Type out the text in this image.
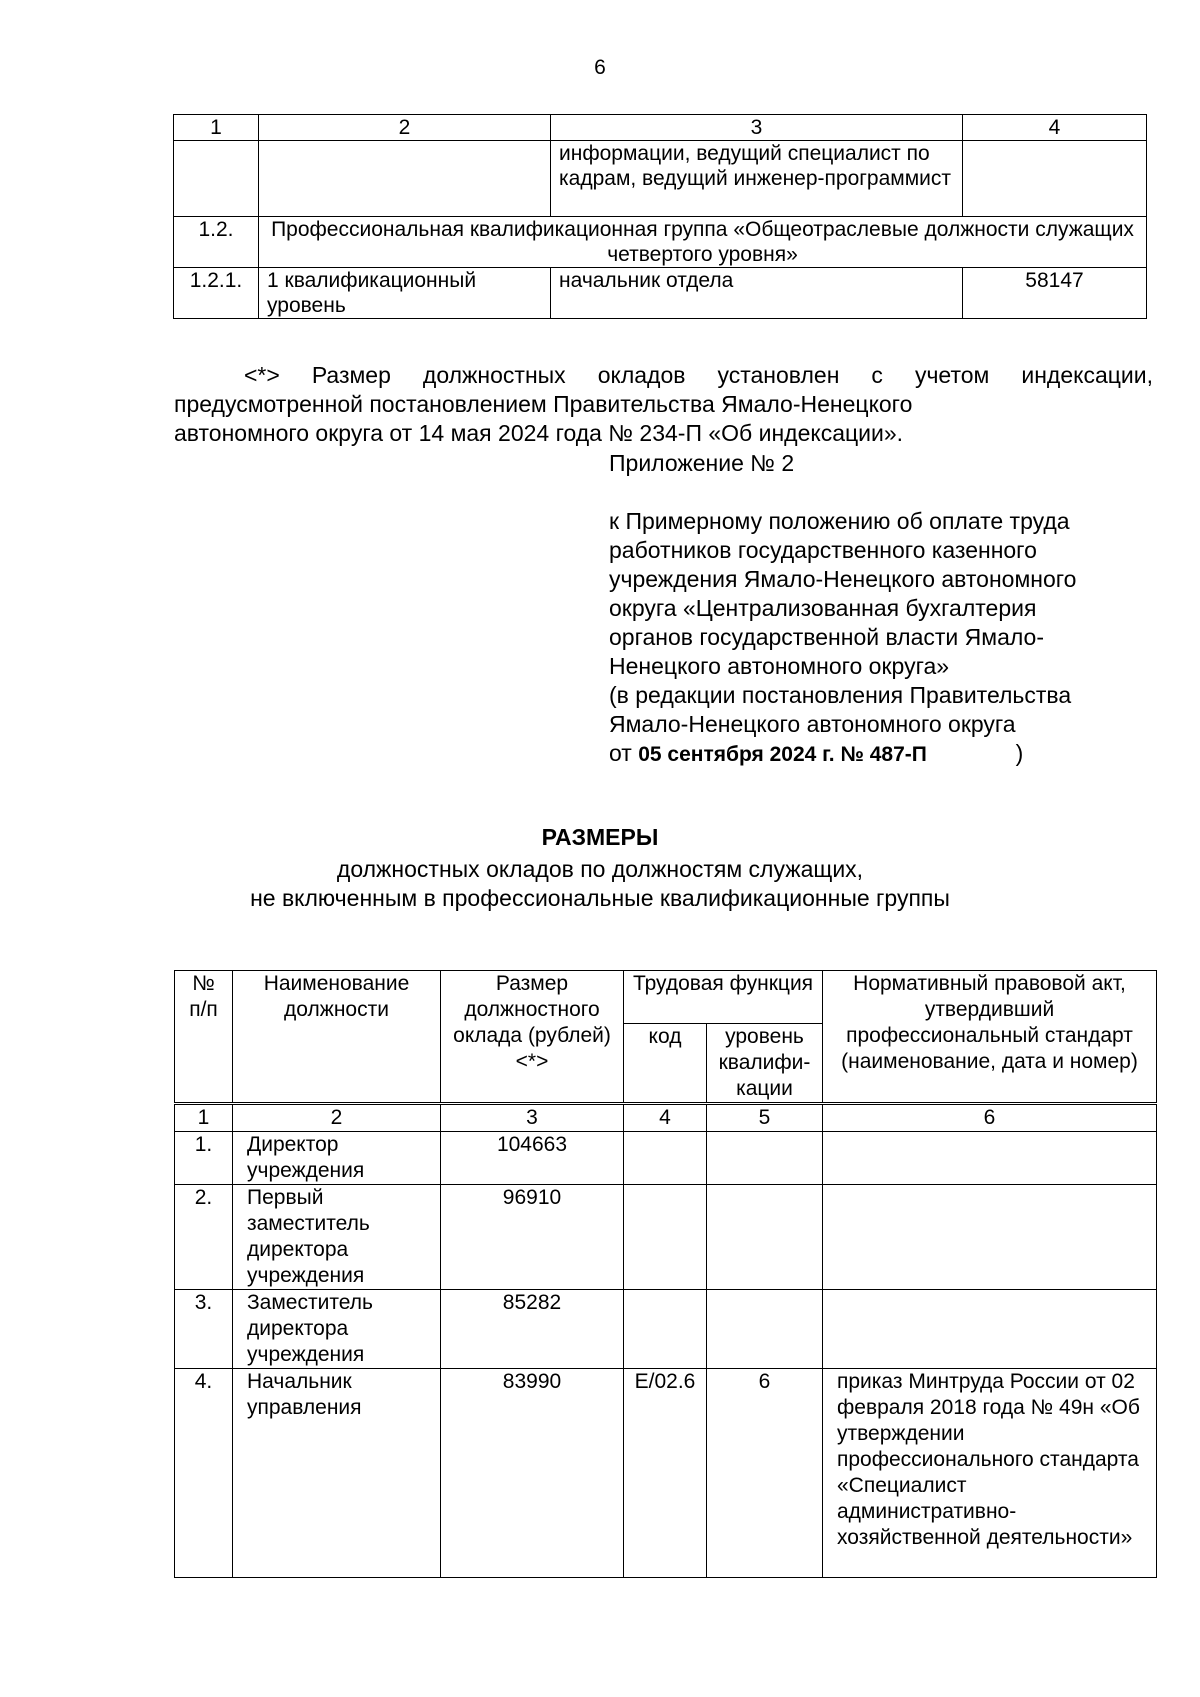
6
1	2	3	4
		информации, ведущий специалист по кадрам, ведущий инженер-программист	
1.2.	Профессиональная квалификационная группа «Общеотраслевые должности служащих четвертого уровня»		
1.2.1.	1 квалификационный уровень	начальник отдела	58147
<*> Размер должностных окладов установлен с учетом индексации, предусмотренной постановлением Правительства Ямало-Ненецкого
автономного округа от 14 мая 2024 года № 234-П «Об индексации».
Приложение № 2
к Примерному положению об оплате труда
работников государственного казенного
учреждения Ямало-Ненецкого автономного
округа «Централизованная бухгалтерия
органов государственной власти Ямало-
Ненецкого автономного округа»
(в редакции постановления Правительства
Ямало-Ненецкого автономного округа
от 05 сентября 2024 г. № 487-П	)
РАЗМЕРЫ
должностных окладов по должностям служащих,
не включенным в профессиональные квалификационные группы
№ п/п	Наименование должности	Размер должностного оклада (рублей) <*>	Трудовая функция		Нормативный правовой акт, утвердивший профессиональный стандарт (наименование, дата и номер)
			код	уровень квалифи-кации	
1	2	3	4	5	6
1.	Директор учреждения	104663			
2.	Первый заместитель директора учреждения	96910			
3.	Заместитель директора учреждения	85282			
4.	Начальник управления	83990	Е/02.6	6	приказ Минтруда России от 02 февраля 2018 года № 49н «Об утверждении профессионального стандарта «Специалист административно-хозяйственной деятельности»
